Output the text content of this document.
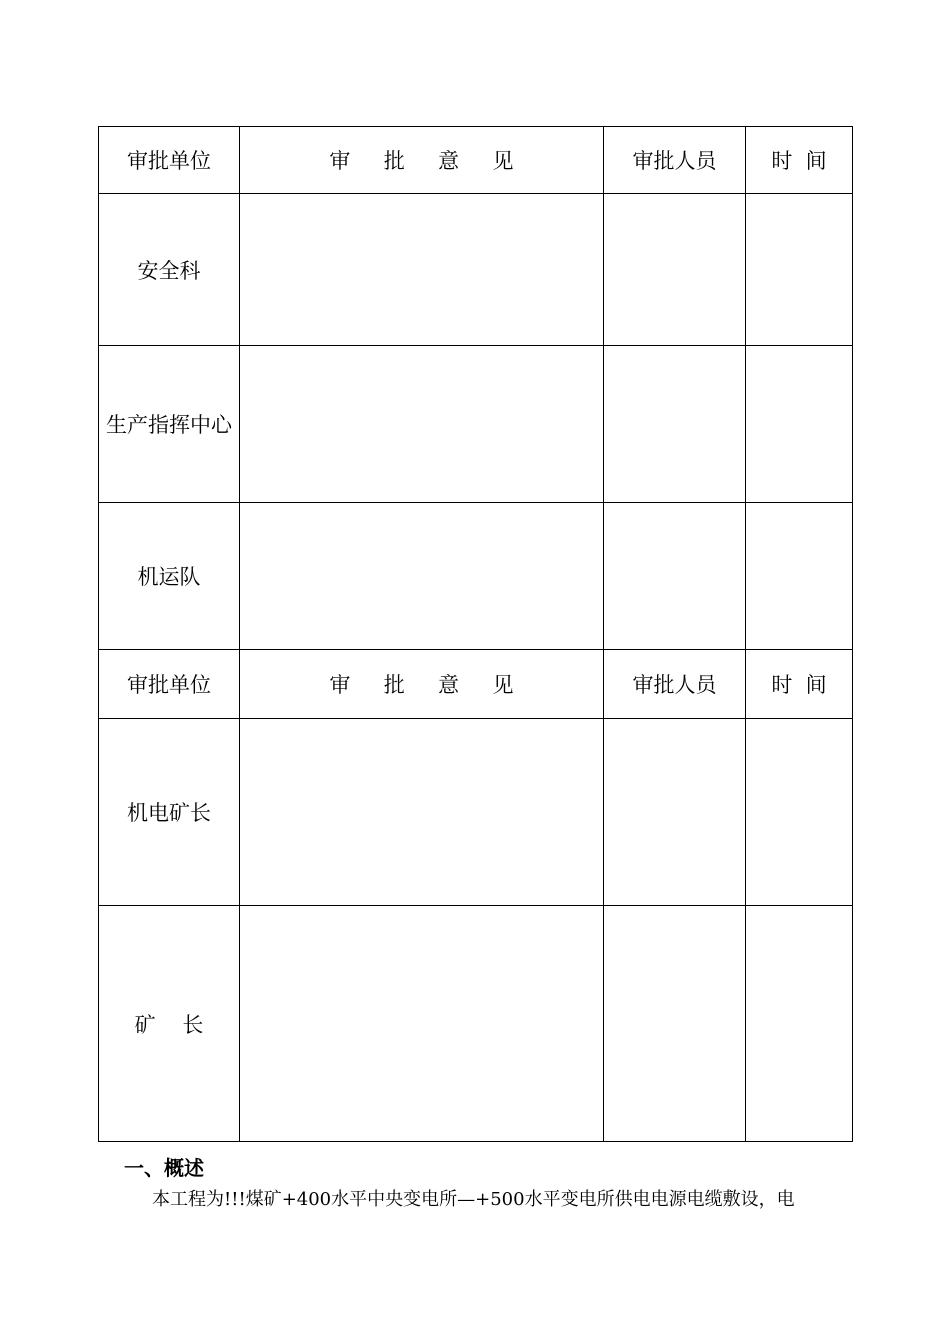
审批单位	审     批     意     见	审批人员	时  间
安全科			
生产指挥中心			
机运队			
审批单位	审     批     意     见	审批人员	时  间
机电矿长			
矿    长			
一、概述
本工程为!!!煤矿+400水平中央变电所—+500水平变电所供电电源电缆敷设，电
